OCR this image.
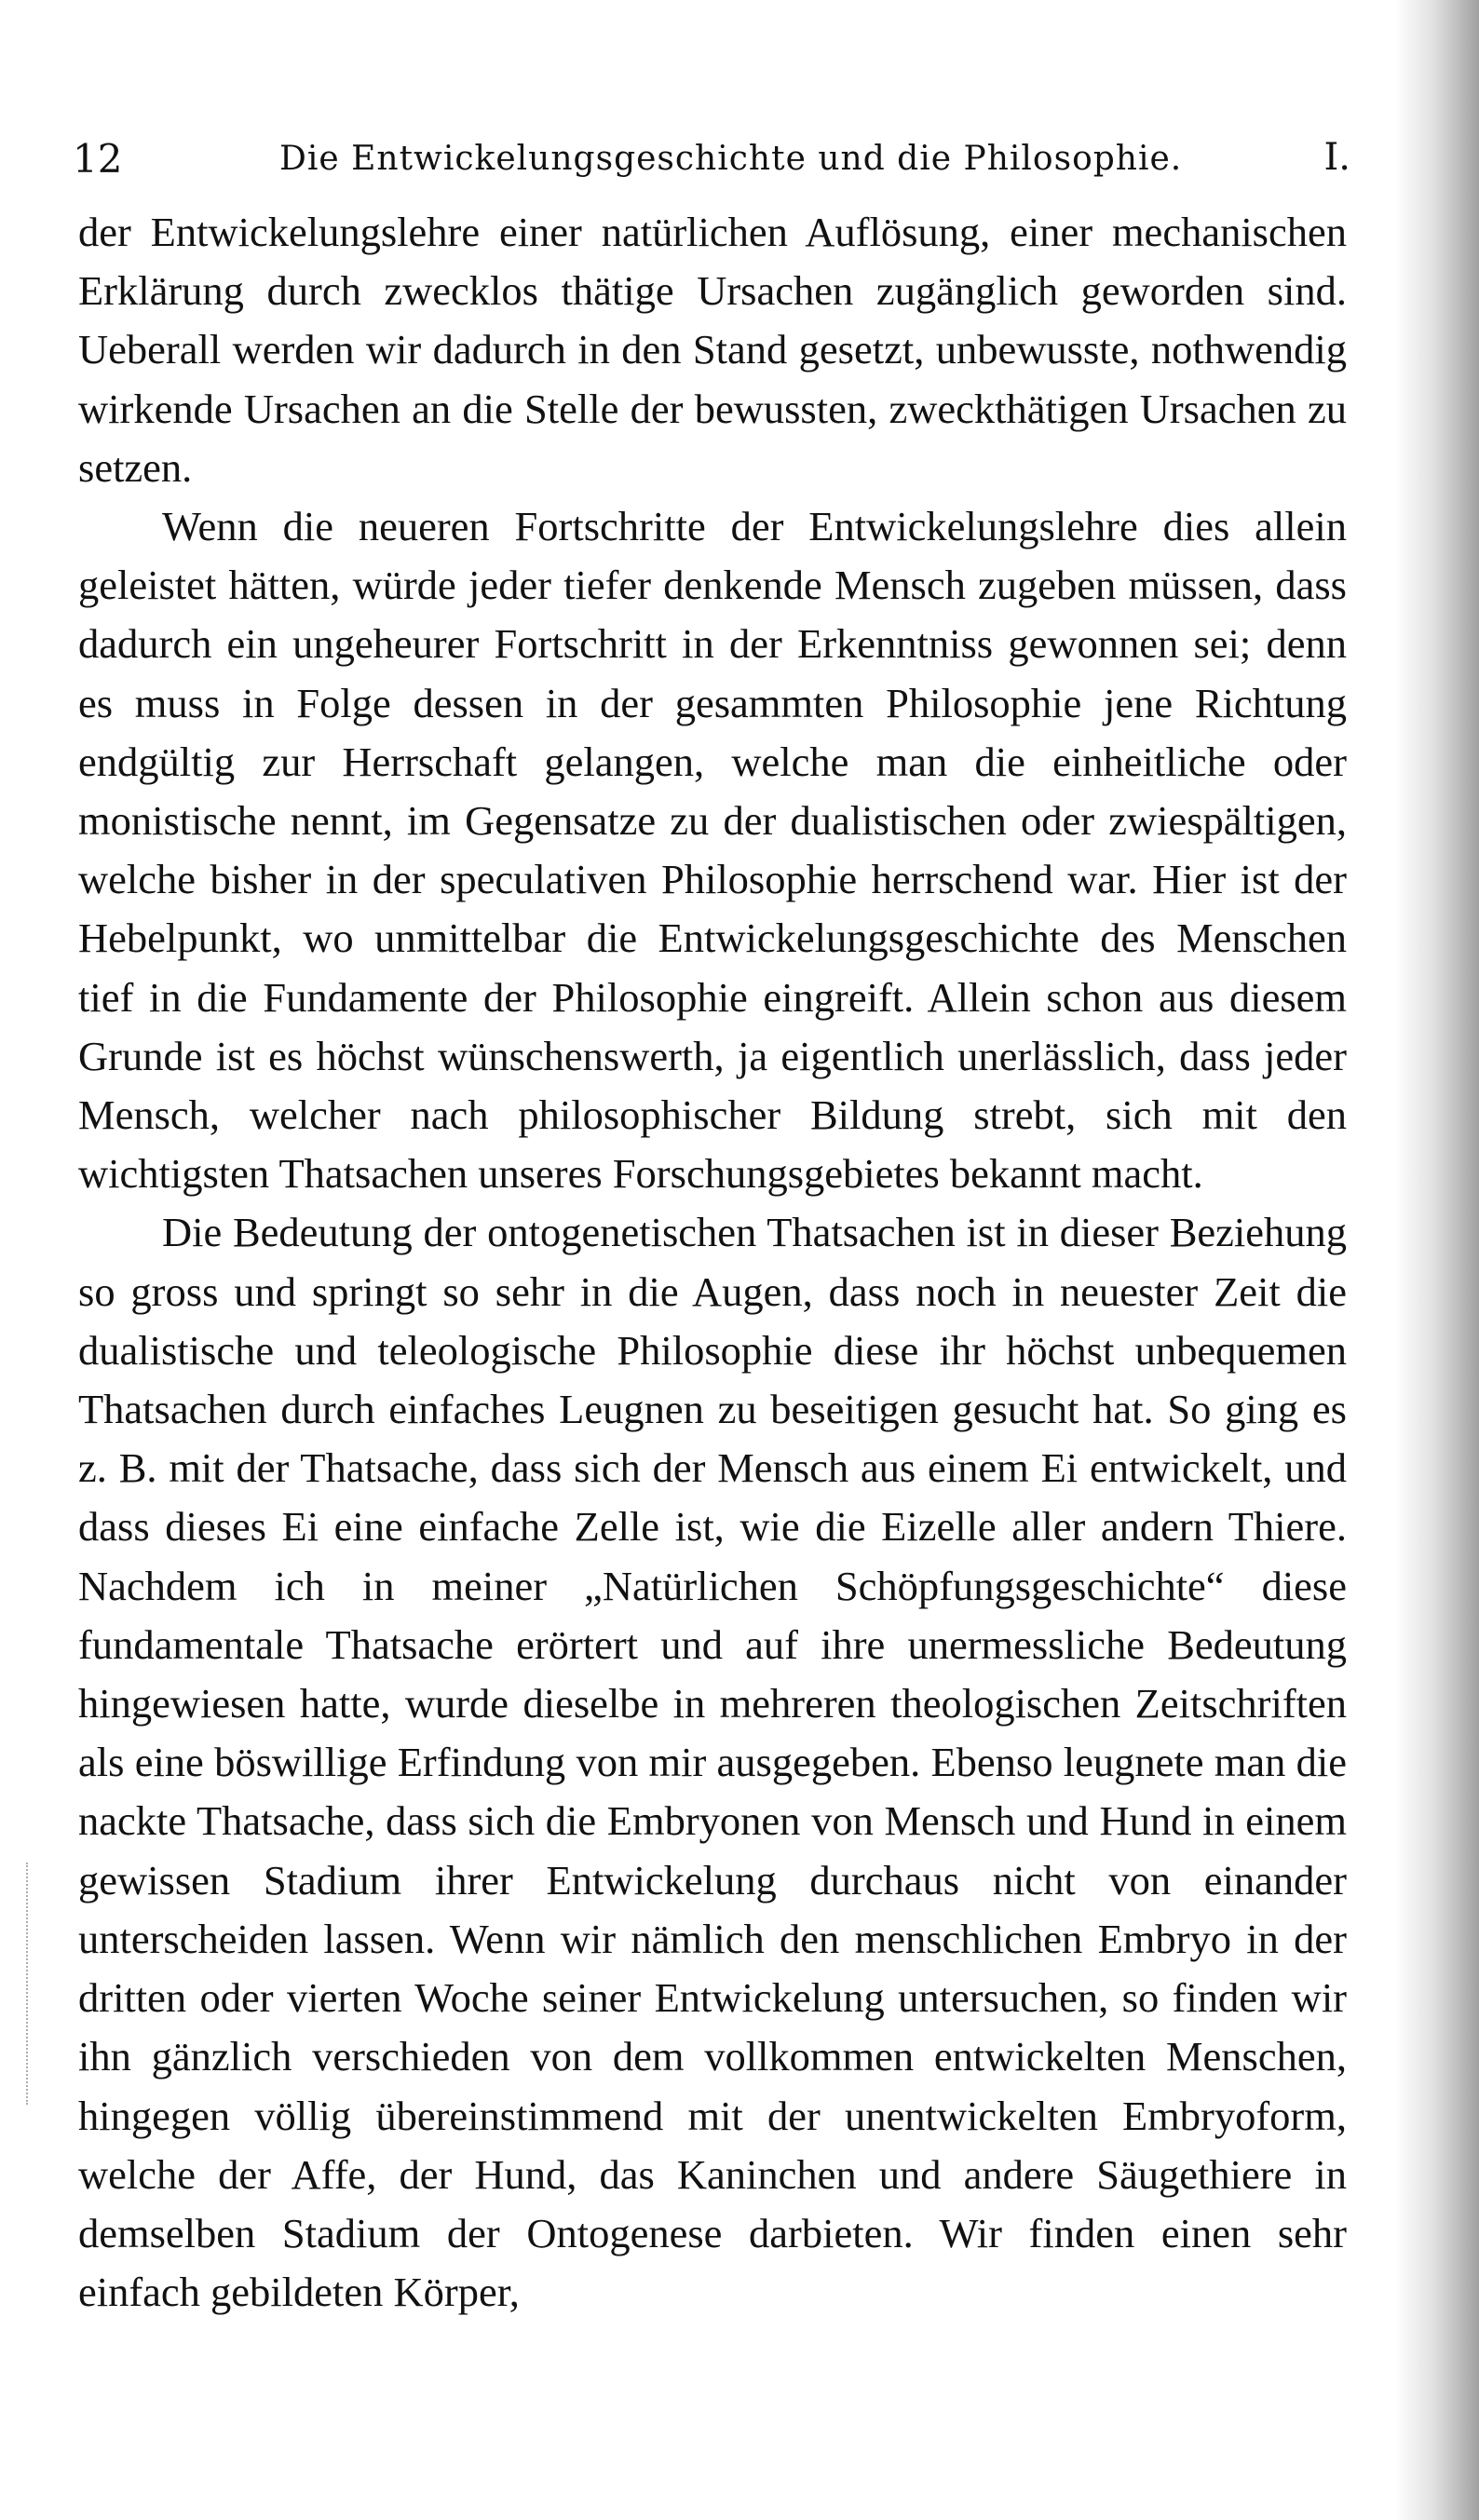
12	Die Entwickelungsgeschichte und die Philosophie.	I.

der Entwickelungslehre einer natürlichen Auflösung, einer mechanischen Erklärung durch zwecklos thätige Ursachen zugänglich geworden sind. Ueberall werden wir dadurch in den Stand gesetzt, unbewusste, nothwendig wirkende Ursachen an die Stelle der bewussten, zweckthätigen Ursachen zu setzen.

Wenn die neueren Fortschritte der Entwickelungslehre dies allein geleistet hätten, würde jeder tiefer denkende Mensch zugeben müssen, dass dadurch ein ungeheurer Fortschritt in der Erkenntniss gewonnen sei; denn es muss in Folge dessen in der gesammten Philosophie jene Richtung endgültig zur Herrschaft gelangen, welche man die einheitliche oder monistische nennt, im Gegensatze zu der dualistischen oder zwiespältigen, welche bisher in der speculativen Philosophie herrschend war. Hier ist der Hebelpunkt, wo unmittelbar die Entwickelungsgeschichte des Menschen tief in die Fundamente der Philosophie eingreift. Allein schon aus diesem Grunde ist es höchst wünschenswerth, ja eigentlich unerlässlich, dass jeder Mensch, welcher nach philosophischer Bildung strebt, sich mit den wichtigsten Thatsachen unseres Forschungsgebietes bekannt macht.

Die Bedeutung der ontogenetischen Thatsachen ist in dieser Beziehung so gross und springt so sehr in die Augen, dass noch in neuester Zeit die dualistische und teleologische Philosophie diese ihr höchst unbequemen Thatsachen durch einfaches Leugnen zu beseitigen gesucht hat. So ging es z. B. mit der Thatsache, dass sich der Mensch aus einem Ei entwickelt, und dass dieses Ei eine einfache Zelle ist, wie die Eizelle aller andern Thiere. Nachdem ich in meiner „Natürlichen Schöpfungsgeschichte“ diese fundamentale Thatsache erörtert und auf ihre unermessliche Bedeutung hingewiesen hatte, wurde dieselbe in mehreren theologischen Zeitschriften als eine böswillige Erfindung von mir ausgegeben. Ebenso leugnete man die nackte Thatsache, dass sich die Embryonen von Mensch und Hund in einem gewissen Stadium ihrer Entwickelung durchaus nicht von einander unterscheiden lassen. Wenn wir nämlich den menschlichen Embryo in der dritten oder vierten Woche seiner Entwickelung untersuchen, so finden wir ihn gänzlich verschieden von dem vollkommen entwickelten Menschen, hingegen völlig übereinstimmend mit der unentwickelten Embryoform, welche der Affe, der Hund, das Kaninchen und andere Säugethiere in demselben Stadium der Ontogenese darbieten. Wir finden einen sehr einfach gebildeten Körper,
